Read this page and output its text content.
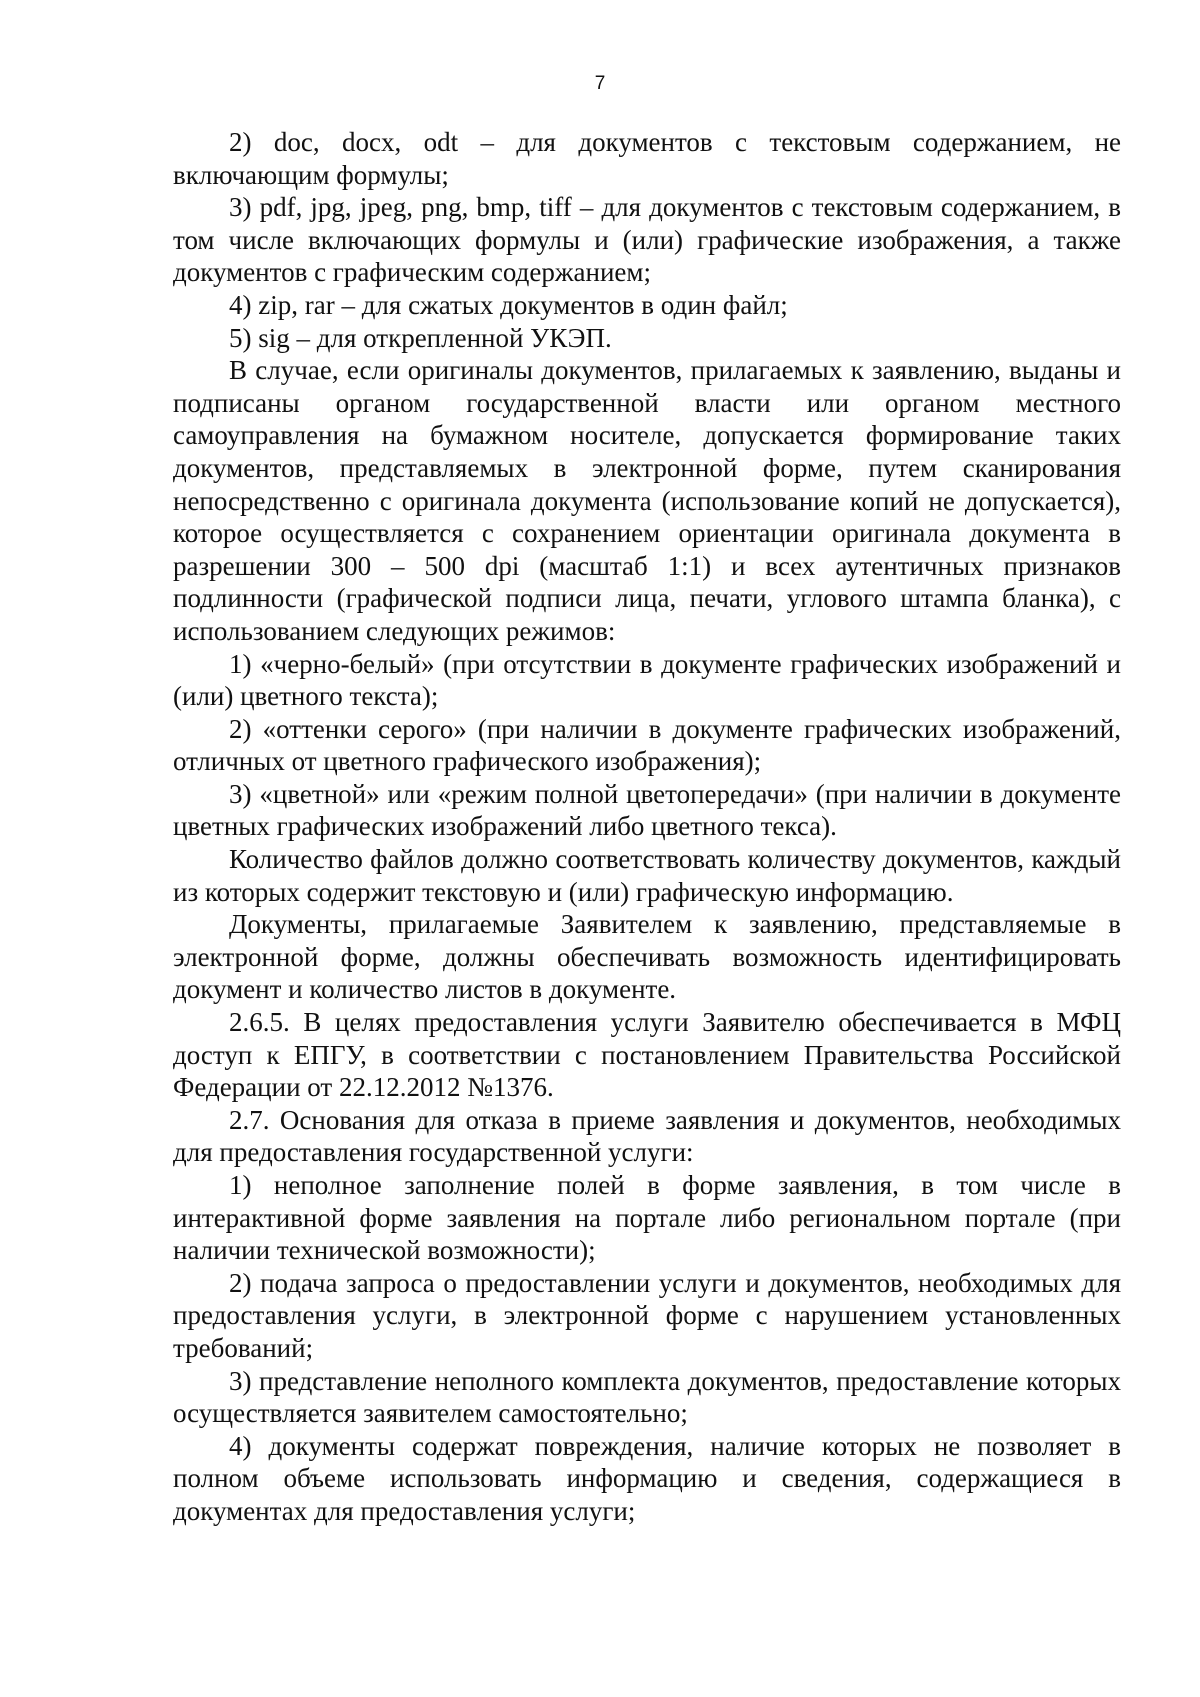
7

2) doc, docx, odt – для документов с текстовым содержанием, не включающим формулы;

3) pdf, jpg, jpeg, png, bmp, tiff – для документов с текстовым содержанием, в том числе включающих формулы и (или) графические изображения, а также документов с графическим содержанием;

4) zip, rar – для сжатых документов в один файл;

5) sig – для открепленной УКЭП.

В случае, если оригиналы документов, прилагаемых к заявлению, выданы и подписаны органом государственной власти или органом местного самоуправления на бумажном носителе, допускается формирование таких документов, представляемых в электронной форме, путем сканирования непосредственно с оригинала документа (использование копий не допускается), которое осуществляется с сохранением ориентации оригинала документа в разрешении 300 – 500 dpi (масштаб 1:1) и всех аутентичных признаков подлинности (графической подписи лица, печати, углового штампа бланка), с использованием следующих режимов:

1) «черно-белый» (при отсутствии в документе графических изображений и (или) цветного текста);

2) «оттенки серого» (при наличии в документе графических изображений, отличных от цветного графического изображения);

3) «цветной» или «режим полной цветопередачи» (при наличии в документе цветных графических изображений либо цветного текса).

Количество файлов должно соответствовать количеству документов, каждый из которых содержит текстовую и (или) графическую информацию.

Документы, прилагаемые Заявителем к заявлению, представляемые в электронной форме, должны обеспечивать возможность идентифицировать документ и количество листов в документе.

2.6.5. В целях предоставления услуги Заявителю обеспечивается в МФЦ доступ к ЕПГУ, в соответствии с постановлением Правительства Российской Федерации от 22.12.2012 №1376.

2.7. Основания для отказа в приеме заявления и документов, необходимых для предоставления государственной услуги:

1) неполное заполнение полей в форме заявления, в том числе в интерактивной форме заявления на портале либо региональном портале (при наличии технической возможности);

2) подача запроса о предоставлении услуги и документов, необходимых для предоставления услуги, в электронной форме с нарушением установленных требований;

3) представление неполного комплекта документов, предоставление которых осуществляется заявителем самостоятельно;

4) документы содержат повреждения, наличие которых не позволяет в полном объеме использовать информацию и сведения, содержащиеся в документах для предоставления услуги;
